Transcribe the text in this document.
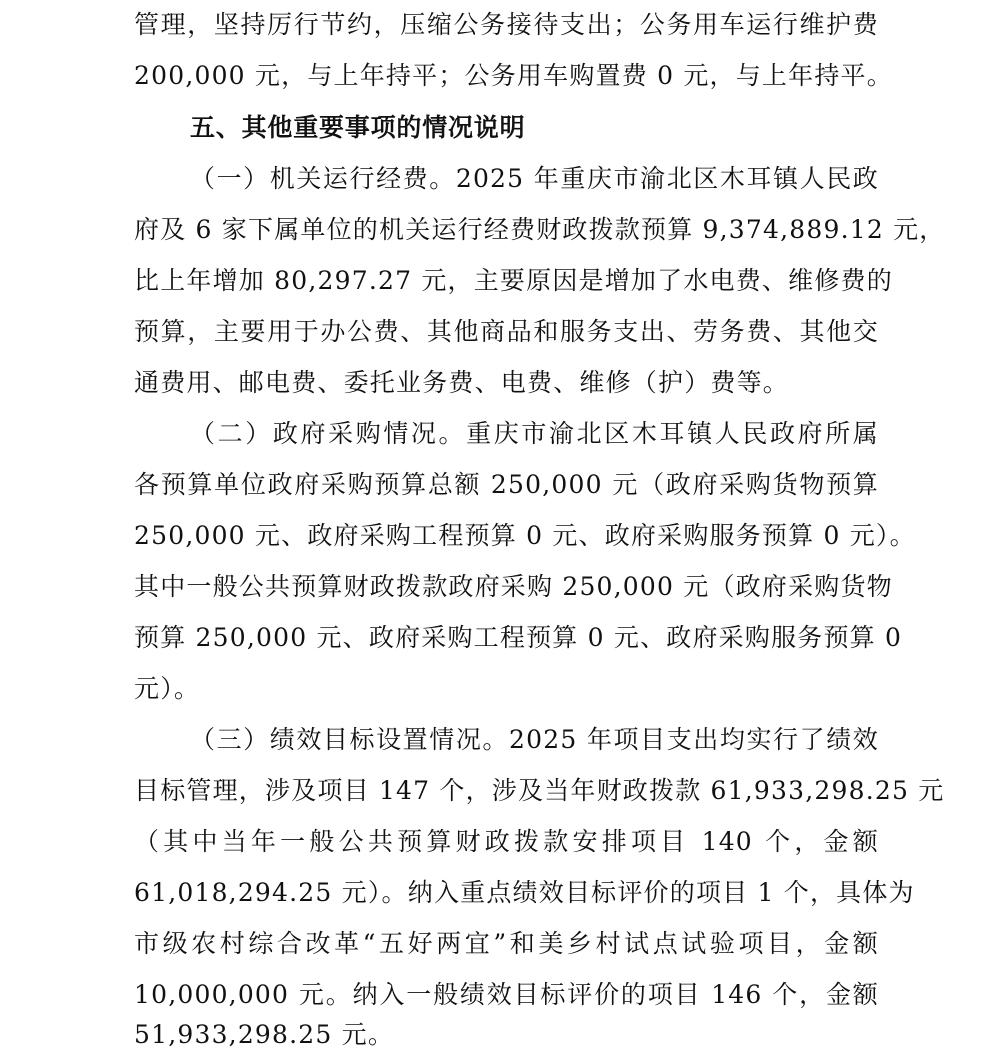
管理，坚持厉行节约，压缩公务接待支出；公务用车运行维护费
200,000 元，与上年持平；公务用车购置费 0 元，与上年持平。
五、其他重要事项的情况说明
（一）机关运行经费。2025 年重庆市渝北区木耳镇人民政
府及 6 家下属单位的机关运行经费财政拨款预算 9,374,889.12 元，
比上年增加 80,297.27 元，主要原因是增加了水电费、维修费的
预算，主要用于办公费、其他商品和服务支出、劳务费、其他交
通费用、邮电费、委托业务费、电费、维修（护）费等。
（二）政府采购情况。重庆市渝北区木耳镇人民政府所属
各预算单位政府采购预算总额 250,000 元（政府采购货物预算
250,000 元、政府采购工程预算 0 元、政府采购服务预算 0 元）。
其中一般公共预算财政拨款政府采购 250,000 元（政府采购货物
预算 250,000 元、政府采购工程预算 0 元、政府采购服务预算 0
元）。
（三）绩效目标设置情况。2025 年项目支出均实行了绩效
目标管理，涉及项目 147 个，涉及当年财政拨款 61,933,298.25 元
（其中当年一般公共预算财政拨款安排项目 140 个，金额
61,018,294.25 元）。纳入重点绩效目标评价的项目 1 个，具体为
市级农村综合改革“五好两宜”和美乡村试点试验项目，金额
10,000,000 元。纳入一般绩效目标评价的项目 146 个，金额
51,933,298.25 元。
